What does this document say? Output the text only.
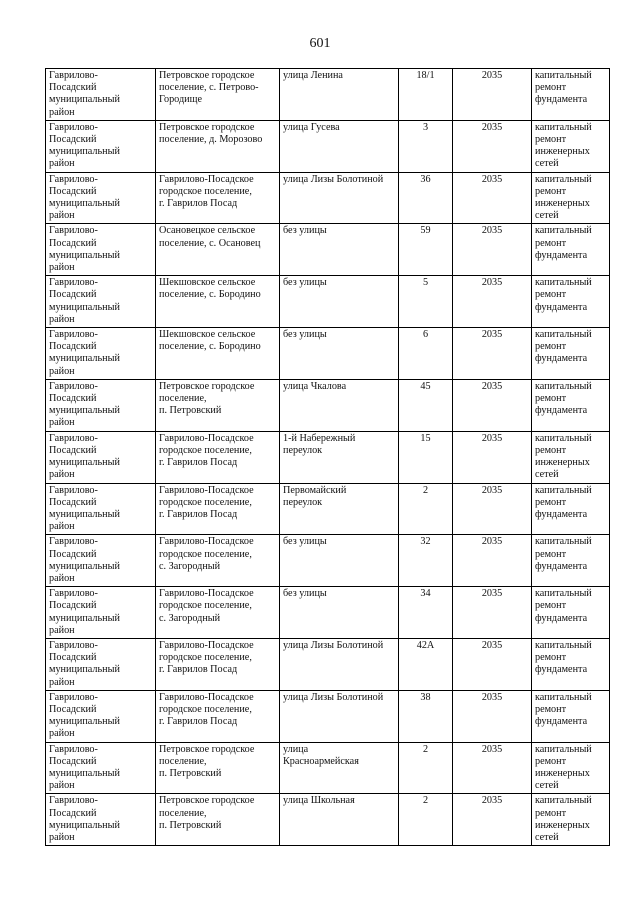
601
Гаврилово-
Посадский
муниципальный
район	Петровское городское
поселение, с. Петрово-
Городище	улица Ленина	18/1	2035	капитальный
ремонт
фундамента

Гаврилово-
Посадский
муниципальный
район	Петровское городское
поселение, д. Морозово	улица Гусева	3	2035	капитальный
ремонт
инженерных
сетей

Гаврилово-
Посадский
муниципальный
район	Гаврилово-Посадское
городское поселение,
г. Гаврилов Посад	улица Лизы Болотиной	36	2035	капитальный
ремонт
инженерных
сетей

Гаврилово-
Посадский
муниципальный
район	Осановецкое сельское
поселение, с. Осановец	без улицы	59	2035	капитальный
ремонт
фундамента

Гаврилово-
Посадский
муниципальный
район	Шекшовское сельское
поселение, с. Бородино	без улицы	5	2035	капитальный
ремонт
фундамента

Гаврилово-
Посадский
муниципальный
район	Шекшовское сельское
поселение, с. Бородино	без улицы	6	2035	капитальный
ремонт
фундамента

Гаврилово-
Посадский
муниципальный
район	Петровское городское
поселение,
п. Петровский	улица Чкалова	45	2035	капитальный
ремонт
фундамента

Гаврилово-
Посадский
муниципальный
район	Гаврилово-Посадское
городское поселение,
г. Гаврилов Посад	1-й Набережный
переулок	15	2035	капитальный
ремонт
инженерных
сетей

Гаврилово-
Посадский
муниципальный
район	Гаврилово-Посадское
городское поселение,
г. Гаврилов Посад	Первомайский
переулок	2	2035	капитальный
ремонт
фундамента

Гаврилово-
Посадский
муниципальный
район	Гаврилово-Посадское
городское поселение,
с. Загородный	без улицы	32	2035	капитальный
ремонт
фундамента

Гаврилово-
Посадский
муниципальный
район	Гаврилово-Посадское
городское поселение,
с. Загородный	без улицы	34	2035	капитальный
ремонт
фундамента

Гаврилово-
Посадский
муниципальный
район	Гаврилово-Посадское
городское поселение,
г. Гаврилов Посад	улица Лизы Болотиной	42А	2035	капитальный
ремонт
фундамента

Гаврилово-
Посадский
муниципальный
район	Гаврилово-Посадское
городское поселение,
г. Гаврилов Посад	улица Лизы Болотиной	38	2035	капитальный
ремонт
фундамента

Гаврилово-
Посадский
муниципальный
район	Петровское городское
поселение,
п. Петровский	улица
Красноармейская	2	2035	капитальный
ремонт
инженерных
сетей

Гаврилово-
Посадский
муниципальный
район	Петровское городское
поселение,
п. Петровский	улица Школьная	2	2035	капитальный
ремонт
инженерных
сетей
